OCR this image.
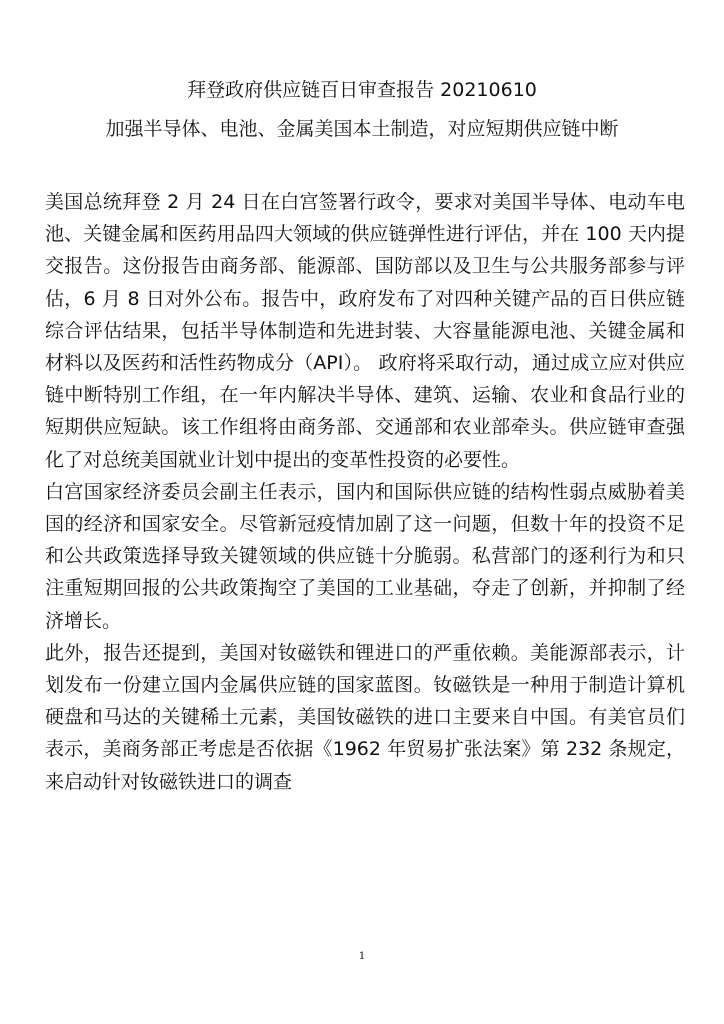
拜登政府供应链百日审查报告 20210610
加强半导体、电池、金属美国本土制造，对应短期供应链中断

美国总统拜登 2 月 24 日在白宫签署行政令，要求对美国半导体、电动车电池、关键金属和医药用品四大领域的供应链弹性进行评估，并在 100 天内提交报告。这份报告由商务部、能源部、国防部以及卫生与公共服务部参与评估，6 月 8 日对外公布。报告中，政府发布了对四种关键产品的百日供应链综合评估结果，包括半导体制造和先进封装、大容量能源电池、关键金属和材料以及医药和活性药物成分（API）。 政府将采取行动，通过成立应对供应链中断特别工作组，在一年内解决半导体、建筑、运输、农业和食品行业的短期供应短缺。该工作组将由商务部、交通部和农业部牵头。供应链审查强化了对总统美国就业计划中提出的变革性投资的必要性。

白宫国家经济委员会副主任表示，国内和国际供应链的结构性弱点威胁着美国的经济和国家安全。尽管新冠疫情加剧了这一问题，但数十年的投资不足和公共政策选择导致关键领域的供应链十分脆弱。私营部门的逐利行为和只注重短期回报的公共政策掏空了美国的工业基础，夺走了创新，并抑制了经济增长。

此外，报告还提到，美国对钕磁铁和锂进口的严重依赖。美能源部表示，计划发布一份建立国内金属供应链的国家蓝图。钕磁铁是一种用于制造计算机硬盘和马达的关键稀土元素，美国钕磁铁的进口主要来自中国。有美官员们表示，美商务部正考虑是否依据《1962 年贸易扩张法案》第 232 条规定，来启动针对钕磁铁进口的调查

1
